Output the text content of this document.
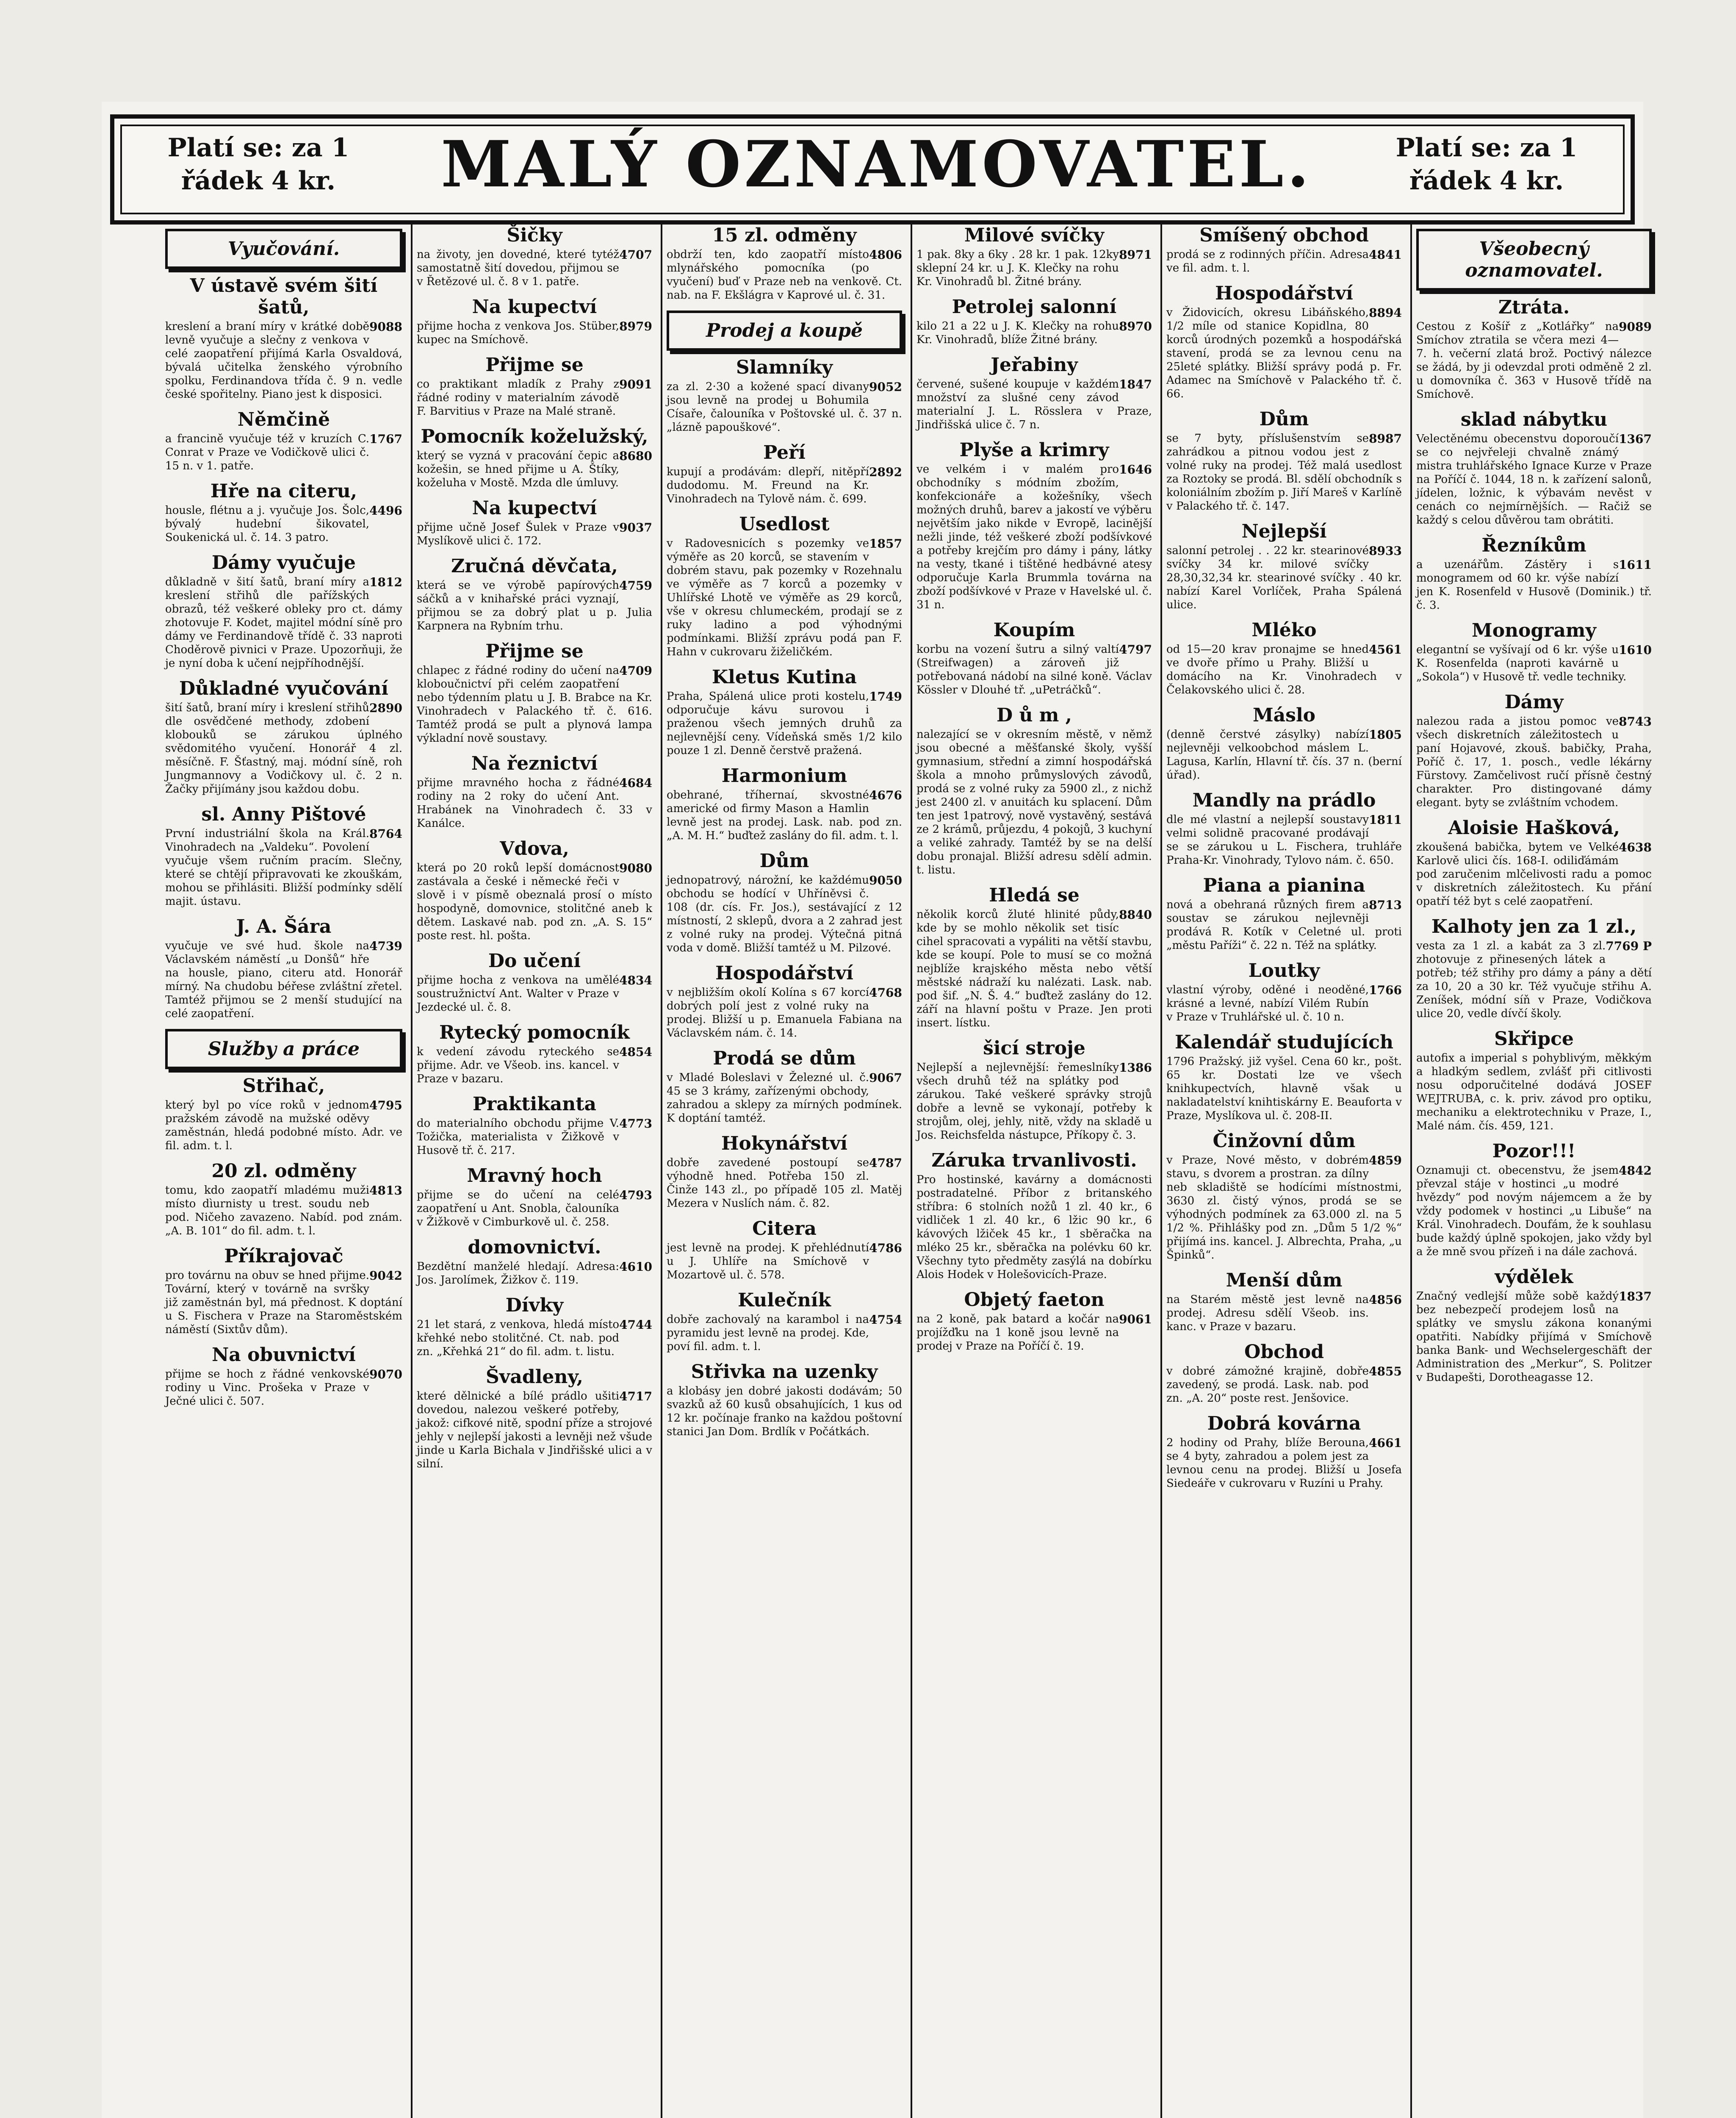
Platí se: za 1 řádek 4 kr.	MALÝ OZNAMOVATEL.	Platí se: za 1 řádek 4 kr.
Vyučování.
V ústavě svém šití šatů,

9088
kreslení a braní míry v krátké době levně vyučuje a slečny z venkova v celé zaopatření přijímá Karla Osvaldová, bývalá učitelka ženského výrobního spolku, Ferdinandova třída č. 9 n. vedle české spořitelny. Piano jest k disposici.

Němčině

1767
a francině vyučuje též v kruzích C. Conrat v Praze ve Vodičkově ulici č. 15 n. v 1. patře.

Hře na citeru,

4496
housle, flétnu a j. vyučuje Jos. Šolc, bývalý hudební šikovatel, Soukenická ul. č. 14. 3 patro.

Dámy vyučuje

1812
důkladně v šití šatů, braní míry a kreslení střihů dle pařížských obrazů, též veškeré obleky pro ct. dámy zhotovuje F. Kodet, majitel módní síně pro dámy ve Ferdinandově třídě č. 33 naproti Choděrově pivnici v Praze. Upozorňuji, že je nyní doba k učení nejpříhodnější.

Důkladné vyučování

2890
šití šatů, braní míry i kreslení střihů dle osvědčené methody, zdobení klobouků se zárukou úplného svědomitého vyučení. Honorář 4 zl. měsíčně. F. Šťastný, maj. módní síně, roh Jungmannovy a Vodičkovy ul. č. 2 n. Žačky přijímány jsou každou dobu.

sl. Anny Pištové

8764
První industriální škola na Král. Vinohradech na „Valdeku“. Povolení vyučuje všem ručním pracím. Slečny, které se chtějí připravovati ke zkouškám, mohou se přihlásiti. Bližší podmínky sdělí majit. ústavu.

J. A. Šára

4739
vyučuje ve své hud. škole na Václavském náměstí „u Donšů“ hře na housle, piano, citeru atd. Honorář mírný. Na chudobu béřese zvláštní zřetel. Tamtéž přijmou se 2 menší studující na celé zaopatření.

Služby a práce
Střihač,

4795
který byl po více roků v jednom pražském závodě na mužské oděvy zaměstnán, hledá podobné místo. Adr. ve fil. adm. t. l.

20 zl. odměny

4813
tomu, kdo zaopatří mladému muži místo dìurnisty u trest. soudu neb pod. Ničeho zavazeno. Nabíd. pod znám. „A. B. 101“ do fil. adm. t. l.

Příkrajovač

9042
pro továrnu na obuv se hned přijme. Tovární, který v továrně na svršky již zaměstnán byl, má přednost. K doptání u S. Fischera v Praze na Staroměstském náměstí (Sixtův dům).

Na obuvnictví

9070
přijme se hoch z řádné venkovské rodiny u Vinc. Prošeka v Praze v Ječné ulici č. 507.

Šičky

4707
na životy, jen dovedné, které tytéž samostatně šití dovedou, přijmou se v Řetězové ul. č. 8 v 1. patře.

Na kupectví

8979
přijme hocha z venkova Jos. Stüber, kupec na Smíchově.

Přijme se

9091
co praktikant mladík z Prahy z řádné rodiny v materialním závodě F. Barvitius v Praze na Malé straně.

Pomocník koželužský,

8680
který se vyzná v pracování čepic a kožešin, se hned přijme u A. Štíky, koželuha v Mostě. Mzda dle úmluvy.

Na kupectví

9037
přijme učně Josef Šulek v Praze v Myslíkově ulici č. 172.

Zručná děvčata,

4759
která se ve výrobě papírových sáčků a v knihařské práci vyznají, přijmou se za dobrý plat u p. Julia Karpnera na Rybním trhu.

Přijme se

4709
chlapec z řádné rodiny do učení na kloboučnictví při celém zaopatření nebo týdenním platu u J. B. Brabce na Kr. Vinohradech v Palackého tř. č. 616. Tamtéž prodá se pult a plynová lampa výkladní nově soustavy.

Na řeznictví

4684
přijme mravného hocha z řádné rodiny na 2 roky do učení Ant. Hrabánek na Vinohradech č. 33 v Kanálce.

Vdova,

9080
která po 20 roků lepší domácnost zastávala a české i německé řeči v slově i v písmě obeznalá prosí o místo hospodyně, domovnice, stolitčné aneb k dětem. Laskavé nab. pod zn. „A. S. 15“ poste rest. hl. pošta.

Do učení

4834
přijme hocha z venkova na umělé soustružnictví Ant. Walter v Praze v Jezdecké ul. č. 8.

Rytecký pomocník

4854
k vedení závodu ryteckého se přijme. Adr. ve Všeob. ins. kancel. v Praze v bazaru.

Praktikanta

4773
do materialního obchodu přijme V. Tožička, materialista v Žižkově v Husově tř. č. 217.

Mravný hoch

4793
přijme se do učení na celé zaopatření u Ant. Snobla, čalouníka v Žižkově v Cimburkově ul. č. 258.

domovnictví.

4610
Bezdětní manželé hledají. Adresa: Jos. Jarolímek, Žižkov č. 119.

Dívky

4744
21 let stará, z venkova, hledá místo křehké nebo stolitčné. Ct. nab. pod zn. „Křehká 21“ do fil. adm. t. listu.

Švadleny,

4717
které dělnické a bílé prádlo ušiti dovedou, nalezou veškeré potřeby, jakož: cifkové nitě, spodní příze a strojové jehly v nejlepší jakosti a levněji než všude jinde u Karla Bichala v Jindřišské ulici a v silní.

15 zl. odměny

4806
obdrží ten, kdo zaopatří místo mlynářského pomocníka (po vyučení) buď v Praze neb na venkově. Ct. nab. na F. Ekšlágra v Kaprové ul. č. 31.

Prodej a koupě
Slamníky

9052
za zl. 2·30 a kožené spací divany jsou levně na prodej u Bohumila Císaře, čalouníka v Poštovské ul. č. 37 n. „lázně papouškové“.

Peří

2892
kupují a prodávám: dlepří, nitěpří dudodomu. M. Freund na Kr. Vinohradech na Tylově nám. č. 699.

Usedlost

1857
v Radovesnicích s pozemky ve výměře as 20 korců, se stavením v dobrém stavu, pak pozemky v Rozehnalu ve výměře as 7 korců a pozemky v Uhlířské Lhotě ve výměře as 29 korců, vše v okresu chlumeckém, prodají se z ruky ladino a pod výhodnými podmínkami. Bližší zprávu podá pan F. Hahn v cukrovaru žiželičkém.

Kletus Kutina

1749
Praha, Spálená ulice proti kostelu, odporučuje kávu surovou i praženou všech jemných druhů za nejlevnější ceny. Vídeňská směs 1/2 kilo pouze 1 zl. Denně čerstvě pražená.

Harmonium

4676
obehrané, tříhernaí, skvostné americké od firmy Mason a Hamlin levně jest na prodej. Lask. nab. pod zn. „A. M. H.“ buďtež zaslány do fil. adm. t. l.

Dům

9050
jednopatrový, nárožní, ke každému obchodu se hodící v Uhříněvsi č. 108 (dr. cís. Fr. Jos.), sestávající z 12 místností, 2 sklepů, dvora a 2 zahrad jest z volné ruky na prodej. Výtečná pitná voda v domě. Bližší tamtéž u M. Pilzové.

Hospodářství

4768
v nejbližším okolí Kolína s 67 korcí dobrých polí jest z volné ruky na prodej. Bližší u p. Emanuela Fabiana na Václavském nám. č. 14.

Prodá se dům

9067
v Mladé Boleslavi v Železné ul. č. 45 se 3 krámy, zařízenými obchody, zahradou a sklepy za mírných podmínek. K doptání tamtéž.

Hokynářství

4787
dobře zavedené postoupí se výhodně hned. Potřeba 150 zl. Činže 143 zl., po případě 105 zl. Matěj Mezera v Nuslích nám. č. 82.

Citera

4786
jest levně na prodej. K přehlédnutí u J. Uhlíře na Smíchově v Mozartově ul. č. 578.

Kulečník

4754
dobře zachovalý na karambol i na pyramidu jest levně na prodej. Kde, poví fil. adm. t. l.

Střivka na uzenky

a klobásy jen dobré jakosti dodávám; 50 svazků až 60 kusů obsahujících, 1 kus od 12 kr. počínaje franko na každou poštovní stanici Jan Dom. Brdlík v Počátkách.

Milové svíčky

8971
1 pak. 8ky a 6ky . 28 kr. 1 pak. 12ky sklepní 24 kr. u J. K. Klečky na rohu Kr. Vinohradů bl. Žitné brány.

Petrolej salonní

8970
kilo 21 a 22 u J. K. Klečky na rohu Kr. Vinohradů, blíže Žitné brány.

Jeřabiny

1847
červené, sušené koupuje v každém množství za slušné ceny závod materialní J. L. Rösslera v Praze, Jindřišská ulice č. 7 n.

Plyše a krimry

1646
ve velkém i v malém pro obchodníky s módním zbožím, konfekcionáře a kožešníky, všech možných druhů, barev a jakostí ve výběru největším jako nikde v Evropě, lacinější nežli jinde, též veškeré zboží podšívkové a potřeby krejčím pro dámy i pány, látky na vesty, tkané i tištěné hedbávné atesy odporučuje Karla Brummla továrna na zboží podšívkové v Praze v Havelské ul. č. 31 n.

Koupím

4797
korbu na vození šutru a silný valtí (Streifwagen) a zároveň již potřebovaná nádobí na silné koně. Václav Kössler v Dlouhé tř. „uPetráčků“.

D ů m ,

nalezající se v okresním městě, v němž jsou obecné a měšťanské školy, vyšší gymnasium, střední a zimní hospodářská škola a mnoho průmyslových závodů, prodá se z volné ruky za 5900 zl., z nichž jest 2400 zl. v anuitách ku splacení. Dům ten jest 1patrový, nově vystavěný, sestává ze 2 krámů, průjezdu, 4 pokojů, 3 kuchyní a veliké zahrady. Tamtéž by se na delší dobu pronajal. Bližší adresu sdělí admin. t. listu.

Hledá se

8840
několik korců žluté hlinité půdy, kde by se mohlo několik set tisíc cihel spracovati a vypáliti na větší stavbu, kde se koupí. Pole to musí se co možná nejblíže krajského města nebo větší městské nádraží ku nalézati. Lask. nab. pod šif. „N. Š. 4.“ buďtež zaslány do 12. září na hlavní poštu v Praze. Jen proti insert. lístku.

šicí stroje

1386
Nejlepší a nejlevnější: řemeslníky všech druhů též na splátky pod zárukou. Také veškeré správky strojů dobře a levně se vykonají, potřeby k strojům, olej, jehly, nitě, vždy na skladě u Jos. Reichsfelda nástupce, Příkopy č. 3.

Záruka trvanlivosti.

Pro hostinské, kavárny a domácnosti postradatelné. Příbor z britanského stříbra: 6 stolních nožů 1 zl. 40 kr., 6 vidliček 1 zl. 40 kr., 6 lžic 90 kr., 6 kávových lžiček 45 kr., 1 sběračka na mléko 25 kr., sběračka na polévku 60 kr. Všechny tyto předměty zasýlá na dobírku Alois Hodek v Holešovicích-Praze.

Objetý faeton

9061
na 2 koně, pak batard a kočár na projížďku na 1 koně jsou levně na prodej v Praze na Poříčí č. 19.

Smíšený obchod

4841
prodá se z rodinných příčin. Adresa ve fil. adm. t. l.

Hospodářství

8894
v Židovicích, okresu Libáňského, 1/2 míle od stanice Kopidlna, 80 korců úrodných pozemků a hospodářská stavení, prodá se za levnou cenu na 25leté splátky. Bližší správy podá p. Fr. Adamec na Smíchově v Palackého tř. č. 66.

Dům

8987
se 7 byty, příslušenstvím se zahrádkou a pitnou vodou jest z volné ruky na prodej. Též malá usedlost za Roztoky se prodá. Bl. sdělí obchodník s koloniálním zbožím p. Jiří Mareš v Karlíně v Palackého tř. č. 147.

Nejlepší

8933
salonní petrolej . . 22 kr. stearinové svíčky 34 kr. milové svíčky 28,30,32,34 kr. stearinové svíčky . 40 kr. nabízí Karel Vorlíček, Praha Spálená ulice.

Mléko

4561
od 15—20 krav pronajme se hned ve dvoře přímo u Prahy. Bližší u domácího na Kr. Vinohradech v Čelakovského ulici č. 28.

Máslo

1805
(denně čerstvé zásylky) nabízí nejlevněji velkoobchod máslem L. Lagusa, Karlín, Hlavní tř. čís. 37 n. (berní úřad).

Mandly na prádlo

1811
dle mé vlastní a nejlepší soustavy velmi solidně pracované prodávají se se zárukou u L. Fischera, truhláře Praha-Kr. Vinohrady, Tylovo nám. č. 650.

Piana a pianina

8713
nová a obehraná různých firem a soustav se zárukou nejlevněji prodává R. Kotík v Celetné ul. proti „městu Paříži“ č. 22 n. Též na splátky.

Loutky

1766
vlastní výroby, oděné i neoděné, krásné a levné, nabízí Vilém Rubín v Praze v Truhlářské ul. č. 10 n.

Kalendář studujících

1796 Pražský. již vyšel. Cena 60 kr., pošt. 65 kr. Dostati lze ve všech knihkupectvích, hlavně však u nakladatelství knihtiskárny E. Beauforta v Praze, Myslíkova ul. č. 208-II.

Činžovní dům

4859
v Praze, Nové město, v dobrém stavu, s dvorem a prostran. za dílny neb skladiště se hodícími místnostmi, 3630 zl. čistý výnos, prodá se se výhodných podmínek za 63.000 zl. na 5 1/2 %. Přihlášky pod zn. „Dům 5 1/2 %“ přijímá ins. kancel. J. Albrechta, Praha, „u Špinků“.

Menší dům

4856
na Starém městě jest levně na prodej. Adresu sdělí Všeob. ins. kanc. v Praze v bazaru.

Obchod

4855
v dobré zámožné krajině, dobře zavedený, se prodá. Lask. nab. pod zn. „A. 20“ poste rest. Jenšovice.

Dobrá kovárna

4661
2 hodiny od Prahy, blíže Berouna, se 4 byty, zahradou a polem jest za levnou cenu na prodej. Bližší u Josefa Siedeáře v cukrovaru v Ruzíni u Prahy.

Všeobecný oznamovatel.
Ztráta.

9089
Cestou z Košíř z „Kotlářky“ na Smíchov ztratila se včera mezi 4—7. h. večerní zlatá brož. Poctivý nálezce se žádá, by ji odevzdal proti odměně 2 zl. u domovníka č. 363 v Husově třídě na Smíchově.

sklad nábytku

1367
Velectěnému obecenstvu doporoučí se co nejvřeleji chvalně známý mistra truhlářského Ignace Kurze v Praze na Poříčí č. 1044, 18 n. k zařízení salonů, jídelen, ložnic, k výbavám nevěst v cenách co nejmírnějších. — Račiž se každý s celou důvěrou tam obrátiti.

Řezníkům

1611
a uzenářům. Zástěry i s monogramem od 60 kr. výše nabízí jen K. Rosenfeld v Husově (Dominik.) tř. č. 3.

Monogramy

1610
elegantní se vyšívají od 6 kr. výše u K. Rosenfelda (naproti kavárně u „Sokola“) v Husově tř. vedle techniky.

Dámy

8743
nalezou rada a jistou pomoc ve všech diskretních záležitostech u paní Hojavové, zkouš. babičky, Praha, Poříč č. 17, 1. posch., vedle lékárny Fürstovy. Zamčelivost ručí přísně čestný charakter. Pro distingované dámy elegant. byty se zvláštním vchodem.

Aloisie Hašková,

4638
zkoušená babička, bytem ve Velké Karlově ulici čís. 168-I. odiliďámám pod zaručenim mlčelivosti radu a pomoc v diskretních záležitostech. Ku přání opatří též byt s celé zaopatření.

Kalhoty jen za 1 zl.,

7769 P
vesta za 1 zl. a kabát za 3 zl. zhotovuje z přinesených látek a potřeb; též střihy pro dámy a pány a dětí za 10, 20 a 30 kr. Též vyučuje střihu A. Zeníšek, módní síň v Praze, Vodičkova ulice 20, vedle dívčí školy.

Skřipce

autofix a imperial s pohyblivým, měkkým a hladkým sedlem, zvlášť při citlivosti nosu odporučitelné dodává JOSEF WEJTRUBA, c. k. priv. závod pro optiku, mechaniku a elektrotechniku v Praze, I., Malé nám. čís. 459, 121.

Pozor!!!

4842
Oznamuji ct. obecenstvu, že jsem převzal stáje v hostinci „u modré hvězdy“ pod novým nájemcem a že by vždy podomek v hostinci „u Libuše“ na Král. Vinohradech. Doufám, že k souhlasu bude každý úplně spokojen, jako vždy byl a že mně svou přízeň i na dále zachová.

výdělek

1837
Značný vedlejší může sobě každý bez nebezpečí prodejem losů na splátky ve smyslu zákona konanými opatřiti. Nabídky přijímá v Smíchově banka Bank- und Wechselergeschäft der Administration des „Merkur“, S. Politzer v Budapešti, Dorotheagasse 12.
